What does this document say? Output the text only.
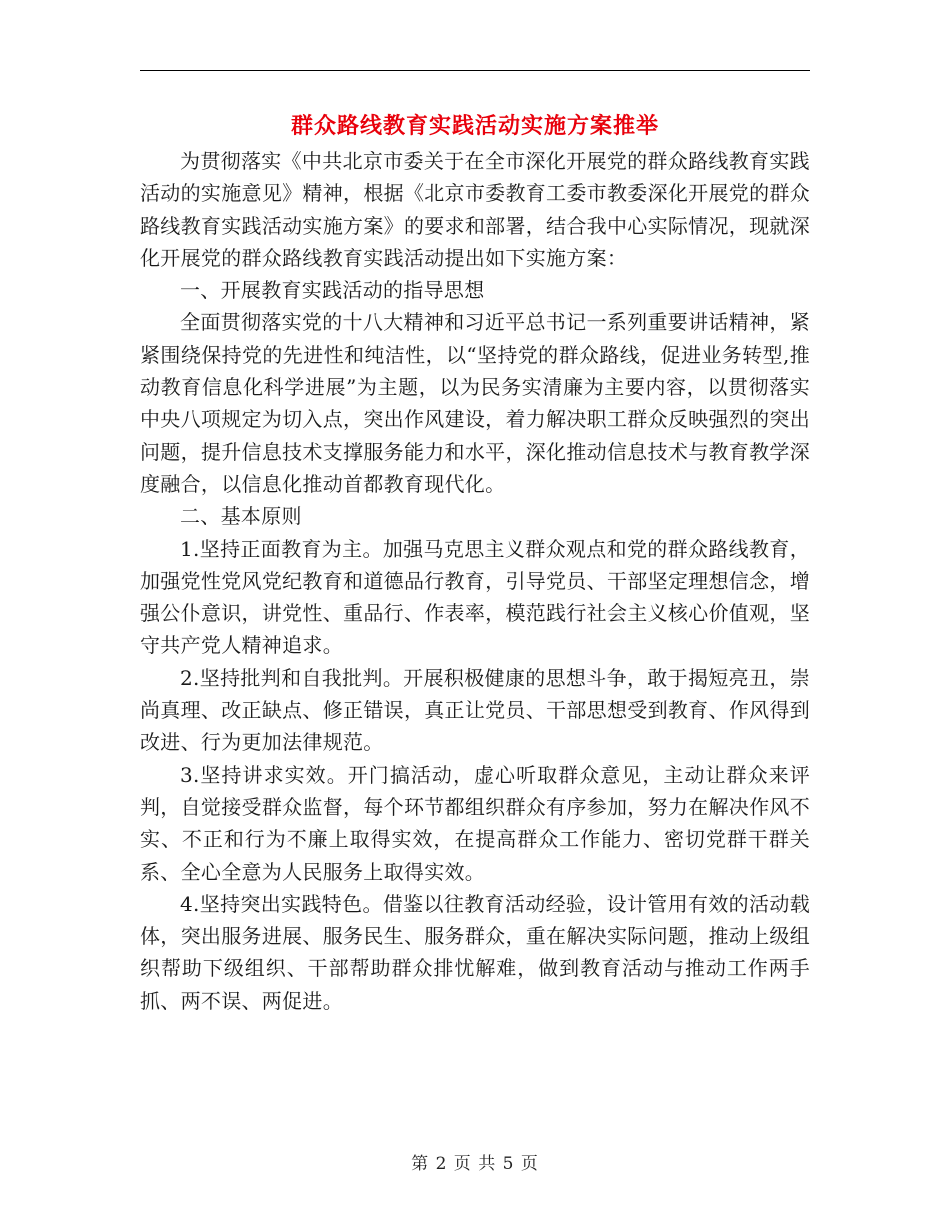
群众路线教育实践活动实施方案推举

为贯彻落实《中共北京市委关于在全市深化开展党的群众路线教育实践活动的实施意见》精神，根据《北京市委教育工委市教委深化开展党的群众路线教育实践活动实施方案》的要求和部署，结合我中心实际情况，现就深化开展党的群众路线教育实践活动提出如下实施方案：

一、开展教育实践活动的指导思想

全面贯彻落实党的十八大精神和习近平总书记一系列重要讲话精神，紧紧围绕保持党的先进性和纯洁性，以“坚持党的群众路线，促进业务转型,推动教育信息化科学进展”为主题，以为民务实清廉为主要内容，以贯彻落实中央八项规定为切入点，突出作风建设，着力解决职工群众反映强烈的突出问题，提升信息技术支撑服务能力和水平，深化推动信息技术与教育教学深度融合，以信息化推动首都教育现代化。

二、基本原则

1.坚持正面教育为主。加强马克思主义群众观点和党的群众路线教育，加强党性党风党纪教育和道德品行教育，引导党员、干部坚定理想信念，增强公仆意识，讲党性、重品行、作表率，模范践行社会主义核心价值观，坚守共产党人精神追求。

2.坚持批判和自我批判。开展积极健康的思想斗争，敢于揭短亮丑，崇尚真理、改正缺点、修正错误，真正让党员、干部思想受到教育、作风得到改进、行为更加法律规范。

3.坚持讲求实效。开门搞活动，虚心听取群众意见，主动让群众来评判，自觉接受群众监督，每个环节都组织群众有序参加，努力在解决作风不实、不正和行为不廉上取得实效，在提高群众工作能力、密切党群干群关系、全心全意为人民服务上取得实效。

4.坚持突出实践特色。借鉴以往教育活动经验，设计管用有效的活动载体，突出服务进展、服务民生、服务群众，重在解决实际问题，推动上级组织帮助下级组织、干部帮助群众排忧解难，做到教育活动与推动工作两手抓、两不误、两促进。

第 2 页 共 5 页
